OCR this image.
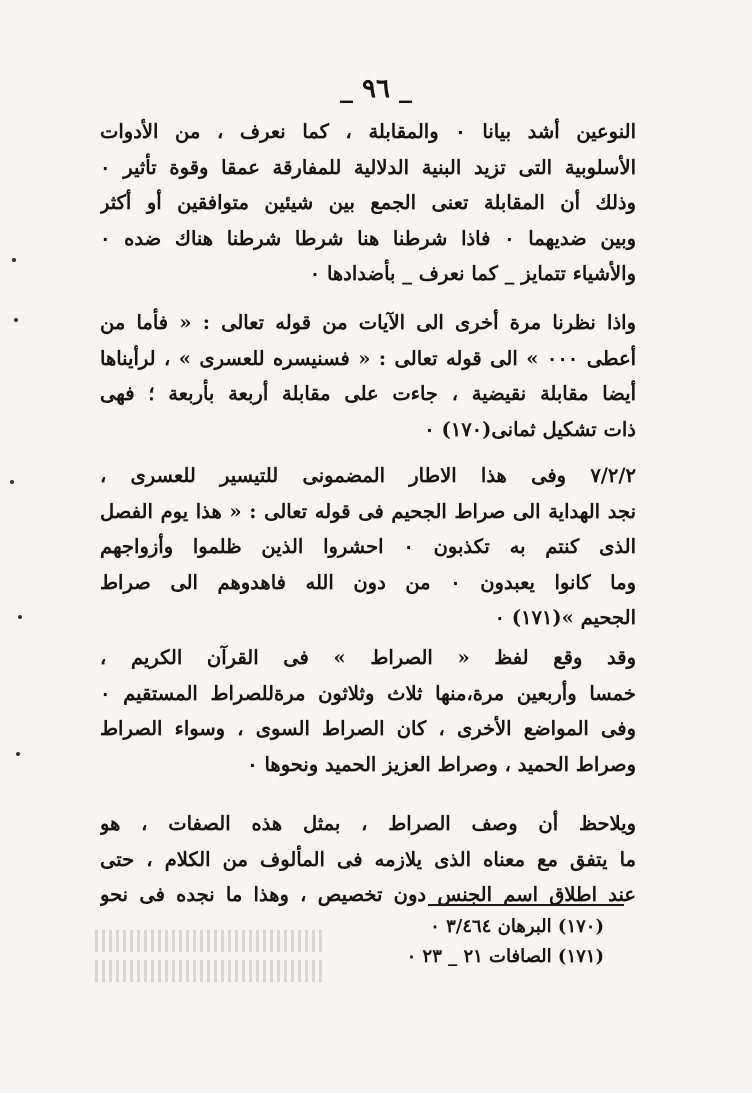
_ ٩٦ _
النوعين أشد بيانا ٠ والمقابلة ، كما نعرف ، من الأدوات
الأسلوبية التى تزيد البنية الدلالية للمفارقة عمقا وقوة تأثير ٠
وذلك أن المقابلة تعنى الجمع بين شيئين متوافقين أو أكثر
وبين ضديهما ٠ فاذا شرطنا هنا شرطا شرطنا هناك ضده ٠
والأشياء تتمايز _ كما نعرف _ بأضدادها ٠
واذا نظرنا مرة أخرى الى الآيات من قوله تعالى : « فأما من
أعطى ٠٠٠ » الى قوله تعالى : « فسنيسره للعسرى » ، لرأيناها
أيضا مقابلة نقيضية ، جاءت على مقابلة أربعة بأربعة ؛ فهى
ذات تشكيل ثمانى(١٧٠) ٠
٧/٢/٢ وفى هذا الاطار المضمونى للتيسير للعسرى ،
نجد الهداية الى صراط الجحيم فى قوله تعالى : « هذا يوم الفصل
الذى كنتم به تكذبون ٠ احشروا الذين ظلموا وأزواجهم
وما كانوا يعبدون ٠ من دون الله فاهدوهم الى صراط
الجحيم »(١٧١) ٠
وقد وقع لفظ « الصراط » فى القرآن الكريم ،
خمسا وأربعين مرة،منها ثلاث وثلاثون مرةللصراط المستقيم ٠
وفى المواضع الأخرى ، كان الصراط السوى ، وسواء الصراط
وصراط الحميد ، وصراط العزيز الحميد ونحوها ٠
ويلاحظ أن وصف الصراط ، بمثل هذه الصفات ، هو
ما يتفق مع معناه الذى يلازمه فى المألوف من الكلام ، حتى
عند اطلاق اسم الجنس دون تخصيص ، وهذا ما نجده فى نحو
(١٧٠) البرهان ٣/٤٦٤ ٠
(١٧١) الصافات ٢١ _ ٢٣ ٠
